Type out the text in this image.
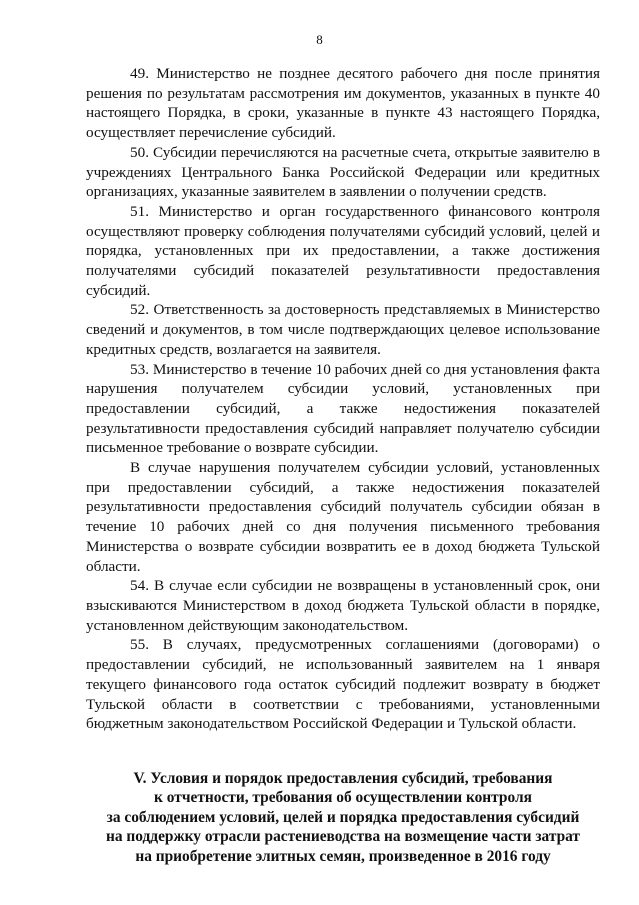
8

49. Министерство не позднее десятого рабочего дня после принятия решения по результатам рассмотрения им документов, указанных в пункте 40 настоящего Порядка, в сроки, указанные в пункте 43 настоящего Порядка, осуществляет перечисление субсидий.

50. Субсидии перечисляются на расчетные счета, открытые заявителю в учреждениях Центрального Банка Российской Федерации или кредитных организациях, указанные заявителем в заявлении о получении средств.

51. Министерство и орган государственного финансового контроля осуществляют проверку соблюдения получателями субсидий условий, целей и порядка, установленных при их предоставлении, а также достижения получателями субсидий показателей результативности предоставления субсидий.

52. Ответственность за достоверность представляемых в Министерство сведений и документов, в том числе подтверждающих целевое использование кредитных средств, возлагается на заявителя.

53. Министерство в течение 10 рабочих дней со дня установления факта нарушения получателем субсидии условий, установленных при предоставлении субсидий, а также недостижения показателей результативности предоставления субсидий направляет получателю субсидии письменное требование о возврате субсидии.

В случае нарушения получателем субсидии условий, установленных при предоставлении субсидий, а также недостижения показателей результативности предоставления субсидий получатель субсидии обязан в течение 10 рабочих дней со дня получения письменного требования Министерства о возврате субсидии возвратить ее в доход бюджета Тульской области.

54. В случае если субсидии не возвращены в установленный срок, они взыскиваются Министерством в доход бюджета Тульской области в порядке, установленном действующим законодательством.

55. В случаях, предусмотренных соглашениями (договорами) о предоставлении субсидий, не использованный заявителем на 1 января текущего финансового года остаток субсидий подлежит возврату в бюджет Тульской области в соответствии с требованиями, установленными бюджетным законодательством Российской Федерации и Тульской области.

V. Условия и порядок предоставления субсидий, требования
к отчетности, требования об осуществлении контроля
за соблюдением условий, целей и порядка предоставления субсидий
на поддержку отрасли растениеводства на возмещение части затрат
на приобретение элитных семян, произведенное в 2016 году
